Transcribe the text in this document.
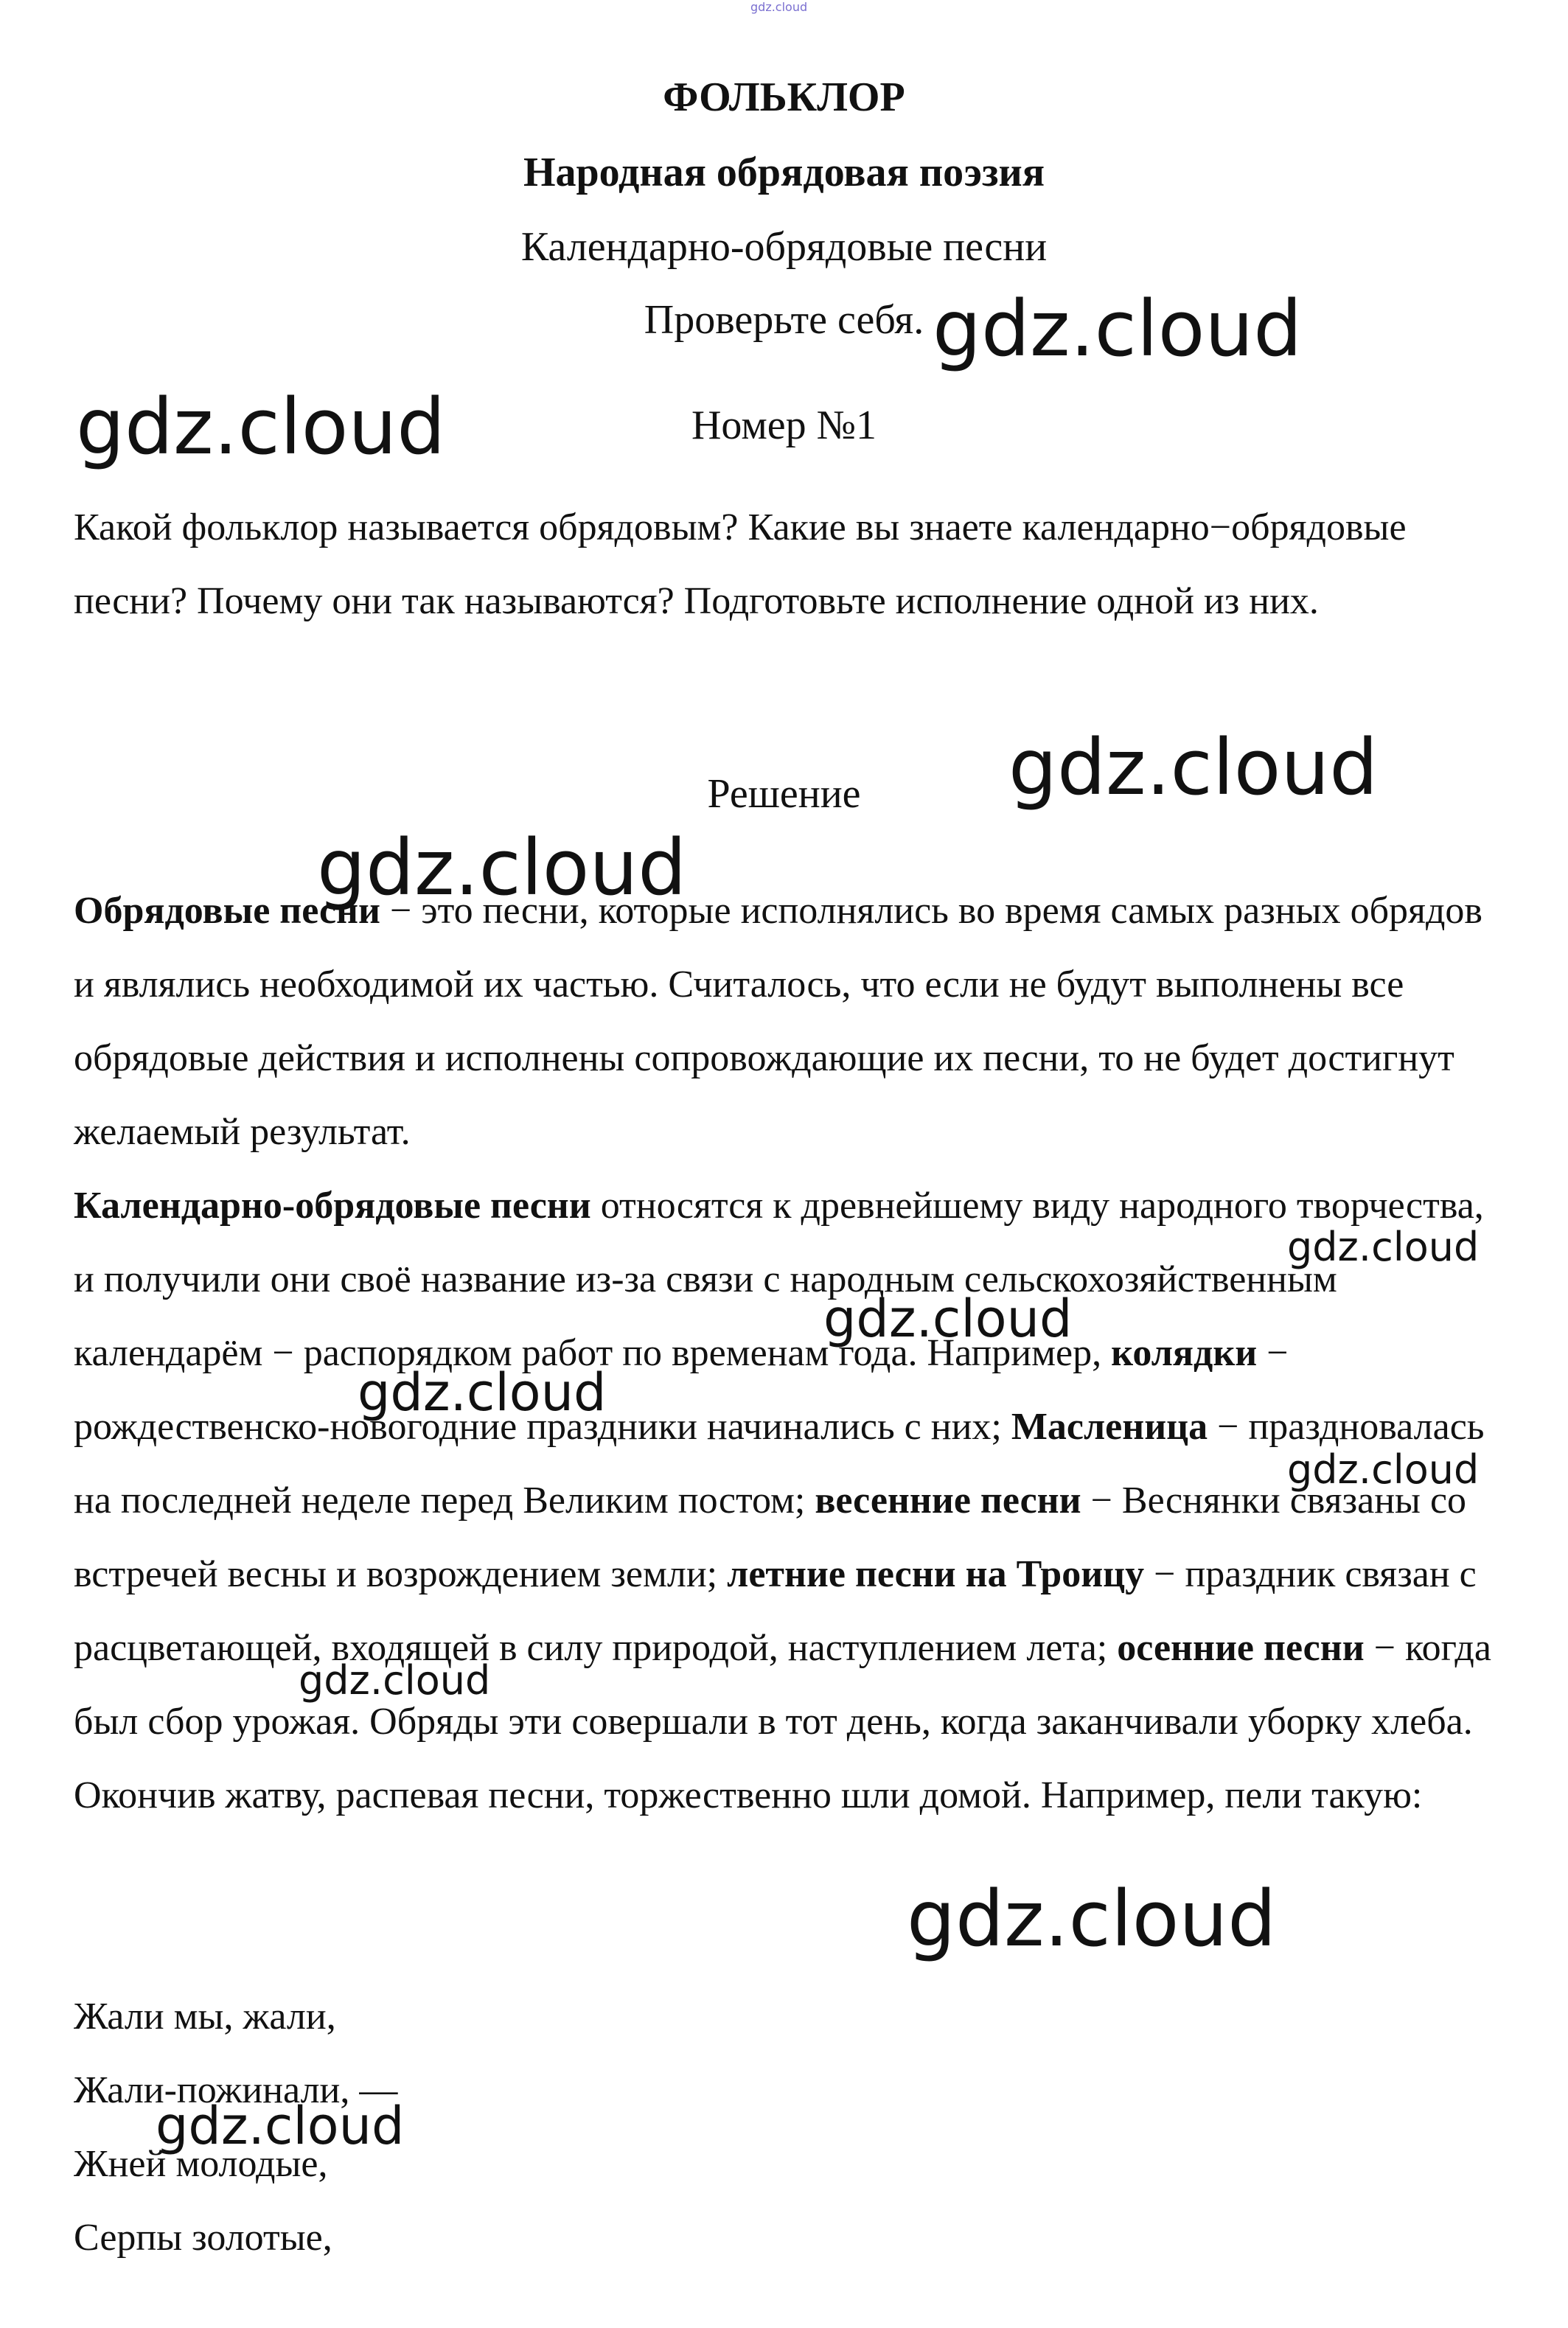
gdz.cloud
ФОЛЬКЛОР
Народная обрядовая поэзия
Календарно-обрядовые песни
Проверьте себя.
Номер №1
Какой фольклор называется обрядовым? Какие вы знаете календарно−обрядовые песни? Почему они так называются? Подготовьте исполнение одной из них.
Решение
Обрядовые песни − это песни, которые исполнялись во время самых разных обрядов и являлись необходимой их частью. Считалось, что если не будут выполнены все обрядовые действия и исполнены сопровождающие их песни, то не будет достигнут желаемый результат.
Календарно-обрядовые песни относятся к древнейшему виду народного творчества, и получили они своё название из-за связи с народным сельскохозяйственным календарём − распорядком работ по временам года. Например, колядки − рождественско-новогодние праздники начинались с них; Масленица − праздновалась на последней неделе перед Великим постом; весенние песни − Веснянки связаны со встречей весны и возрождением земли; летние песни на Троицу − праздник связан с расцветающей, входящей в силу природой, наступлением лета; осенние песни − когда был сбор урожая. Обряды эти совершали в тот день, когда заканчивали уборку хлеба. Окончив жатву, распевая песни, торжественно шли домой. Например, пели такую:
Жали мы, жали,
Жали-пожинали, —
Жней молодые,
Серпы золотые,
gdz.cloud
gdz.cloud
gdz.cloud
gdz.cloud
gdz.cloud
gdz.cloud
gdz.cloud
gdz.cloud
gdz.cloud
gdz.cloud
gdz.cloud
